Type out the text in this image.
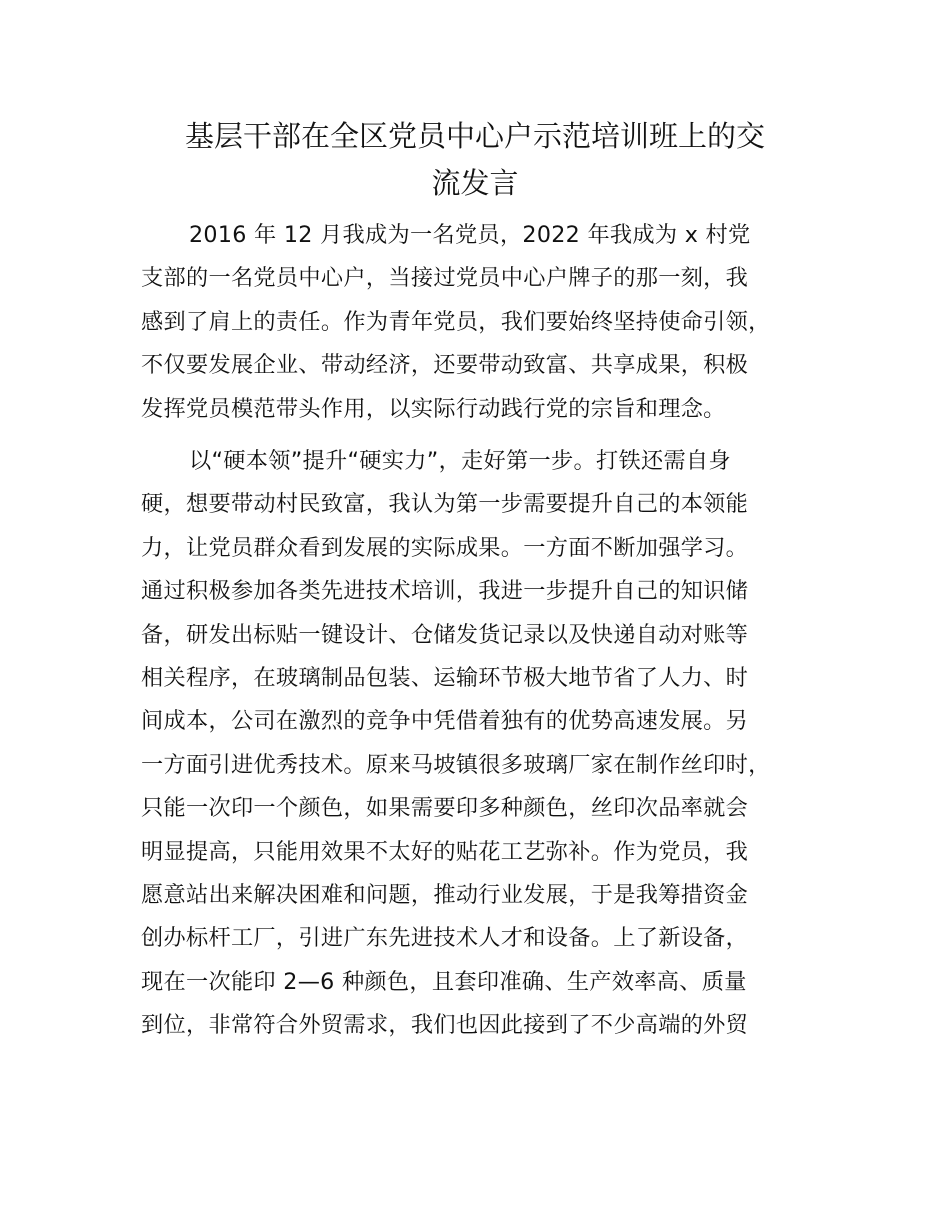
基层干部在全区党员中心户示范培训班上的交
流发言
2016 年 12 月我成为一名党员，2022 年我成为 x 村党
支部的一名党员中心户，当接过党员中心户牌子的那一刻，我
感到了肩上的责任。作为青年党员，我们要始终坚持使命引领，
不仅要发展企业、带动经济，还要带动致富、共享成果，积极
发挥党员模范带头作用，以实际行动践行党的宗旨和理念。
以“硬本领”提升“硬实力”，走好第一步。打铁还需自身
硬，想要带动村民致富，我认为第一步需要提升自己的本领能
力，让党员群众看到发展的实际成果。一方面不断加强学习。
通过积极参加各类先进技术培训，我进一步提升自己的知识储
备，研发出标贴一键设计、仓储发货记录以及快递自动对账等
相关程序，在玻璃制品包装、运输环节极大地节省了人力、时
间成本，公司在激烈的竞争中凭借着独有的优势高速发展。另
一方面引进优秀技术。原来马坡镇很多玻璃厂家在制作丝印时，
只能一次印一个颜色，如果需要印多种颜色，丝印次品率就会
明显提高，只能用效果不太好的贴花工艺弥补。作为党员，我
愿意站出来解决困难和问题，推动行业发展，于是我筹措资金
创办标杆工厂，引进广东先进技术人才和设备。上了新设备，
现在一次能印 2—6 种颜色，且套印准确、生产效率高、质量
到位，非常符合外贸需求，我们也因此接到了不少高端的外贸
